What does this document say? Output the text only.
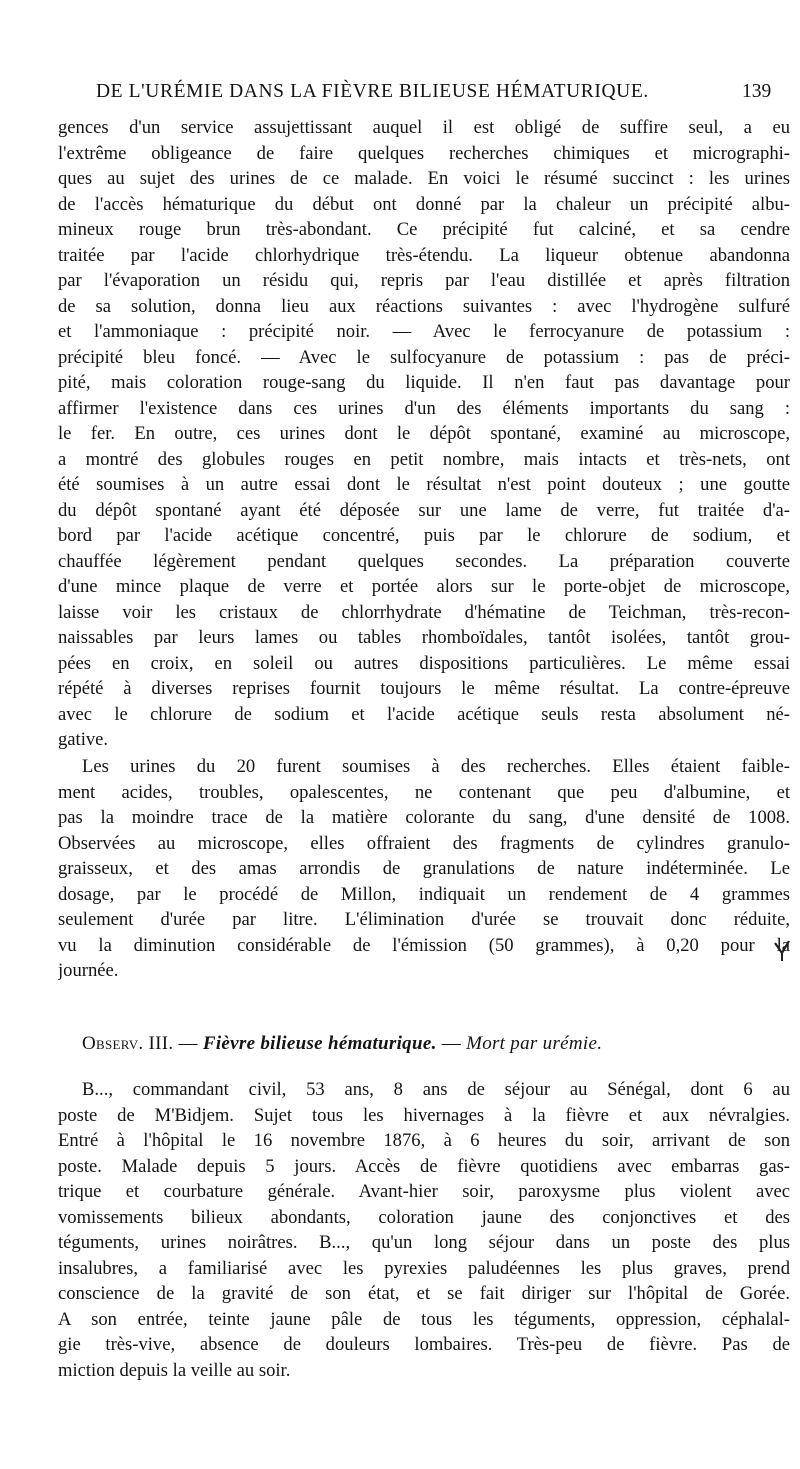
DE L'URÉMIE DANS LA FIÈVRE BILIEUSE HÉMATURIQUE.	139
gences d'un service assujettissant auquel il est obligé de suffire seul, a eu
l'extrême obligeance de faire quelques recherches chimiques et micrographi-
ques au sujet des urines de ce malade. En voici le résumé succinct : les urines
de l'accès hématurique du début ont donné par la chaleur un précipité albu-
mineux rouge brun très-abondant. Ce précipité fut calciné, et sa cendre
traitée par l'acide chlorhydrique très-étendu. La liqueur obtenue abandonna
par l'évaporation un résidu qui, repris par l'eau distillée et après filtration
de sa solution, donna lieu aux réactions suivantes : avec l'hydrogène sulfuré
et l'ammoniaque : précipité noir. — Avec le ferrocyanure de potassium :
précipité bleu foncé. — Avec le sulfocyanure de potassium : pas de préci-
pité, mais coloration rouge-sang du liquide. Il n'en faut pas davantage pour
affirmer l'existence dans ces urines d'un des éléments importants du sang :
le fer. En outre, ces urines dont le dépôt spontané, examiné au microscope,
a montré des globules rouges en petit nombre, mais intacts et très-nets, ont
été soumises à un autre essai dont le résultat n'est point douteux ; une goutte
du dépôt spontané ayant été déposée sur une lame de verre, fut traitée d'a-
bord par l'acide acétique concentré, puis par le chlorure de sodium, et
chauffée légèrement pendant quelques secondes. La préparation couverte
d'une mince plaque de verre et portée alors sur le porte-objet de microscope,
laisse voir les cristaux de chlorrhydrate d'hématine de Teichman, très-recon-
naissables par leurs lames ou tables rhomboïdales, tantôt isolées, tantôt grou-
pées en croix, en soleil ou autres dispositions particulières. Le même essai
répété à diverses reprises fournit toujours le même résultat. La contre-épreuve
avec le chlorure de sodium et l'acide acétique seuls resta absolument né-
gative.
Les urines du 20 furent soumises à des recherches. Elles étaient faible-
ment acides, troubles, opalescentes, ne contenant que peu d'albumine, et
pas la moindre trace de la matière colorante du sang, d'une densité de 1008.
Observées au microscope, elles offraient des fragments de cylindres granulo-
graisseux, et des amas arrondis de granulations de nature indéterminée. Le
dosage, par le procédé de Millon, indiquait un rendement de 4 grammes
seulement d'urée par litre. L'élimination d'urée se trouvait donc réduite,
vu la diminution considérable de l'émission (50 grammes), à 0,20 pour la
journée.
Observ. III. — Fièvre bilieuse hématurique. — Mort par urémie.
B..., commandant civil, 53 ans, 8 ans de séjour au Sénégal, dont 6 au
poste de M'Bidjem. Sujet tous les hivernages à la fièvre et aux névralgies.
Entré à l'hôpital le 16 novembre 1876, à 6 heures du soir, arrivant de son
poste. Malade depuis 5 jours. Accès de fièvre quotidiens avec embarras gas-
trique et courbature générale. Avant-hier soir, paroxysme plus violent avec
vomissements bilieux abondants, coloration jaune des conjonctives et des
téguments, urines noirâtres. B..., qu'un long séjour dans un poste des plus
insalubres, a familiarisé avec les pyrexies paludéennes les plus graves, prend
conscience de la gravité de son état, et se fait diriger sur l'hôpital de Gorée.
A son entrée, teinte jaune pâle de tous les téguments, oppression, céphalal-
gie très-vive, absence de douleurs lombaires. Très-peu de fièvre. Pas de
miction depuis la veille au soir.
